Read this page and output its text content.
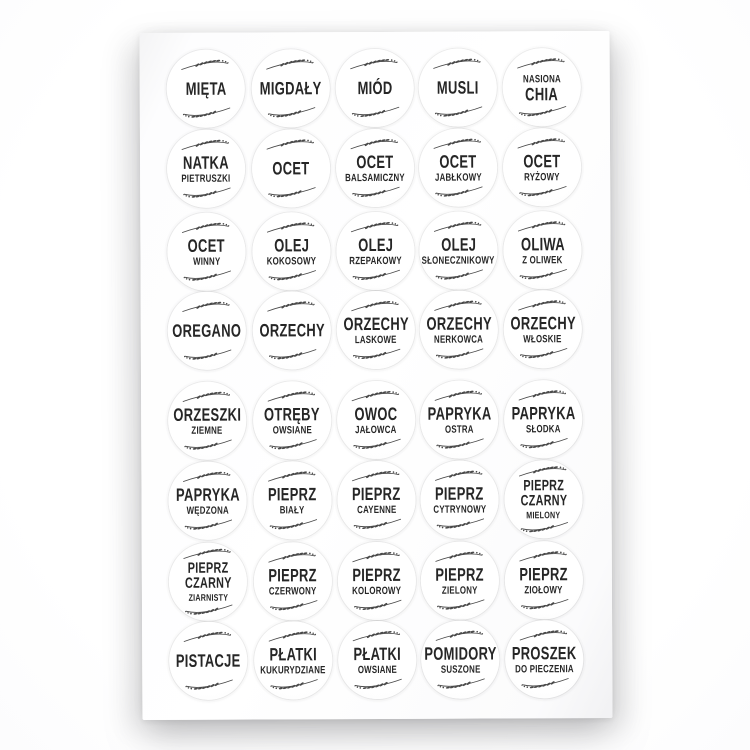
MIĘTA MIGDAŁY MIÓD MUSLI	NASIONA
CHIA
NATKA
PIETRUSZKI OCET	OCET
BALSAMICZNY
OCET
JABŁKOWY
OCET
RYŻOWY
OCET
WINNY
OLEJ
KOKOSOWY
OLEJ
RZEPAKOWY
OLEJ
SŁONECZNIKOWY
OLIWA
Z OLIWEK
OREGANO ORZECHY ORZECHY
LASKOWE
ORZECHY
NERKOWCA
ORZECHY
WŁOSKIE
ORZESZKI
ZIEMNE
OTRĘBY
OWSIANE
OWOC
JAŁOWCA
PAPRYKA
OSTRA
PAPRYKA
SŁODKA
PAPRYKA
WĘDZONA
PIEPRZ
BIAŁY
PIEPRZ
CAYENNE
PIEPRZ
CYTRYNOWY
PIEPRZ
CZARNY
MIELONY
PIEPRZ
CZARNY
ZIARNISTY
PIEPRZ
CZERWONY
PIEPRZ
KOLOROWY
PIEPRZ
ZIELONY
PIEPRZ
ZIOŁOWY
PISTACJE PŁATKI
KUKURYDZIANE
PŁATKI
OWSIANE
POMIDORY
SUSZONE
PROSZEK
DO PIECZENIA
